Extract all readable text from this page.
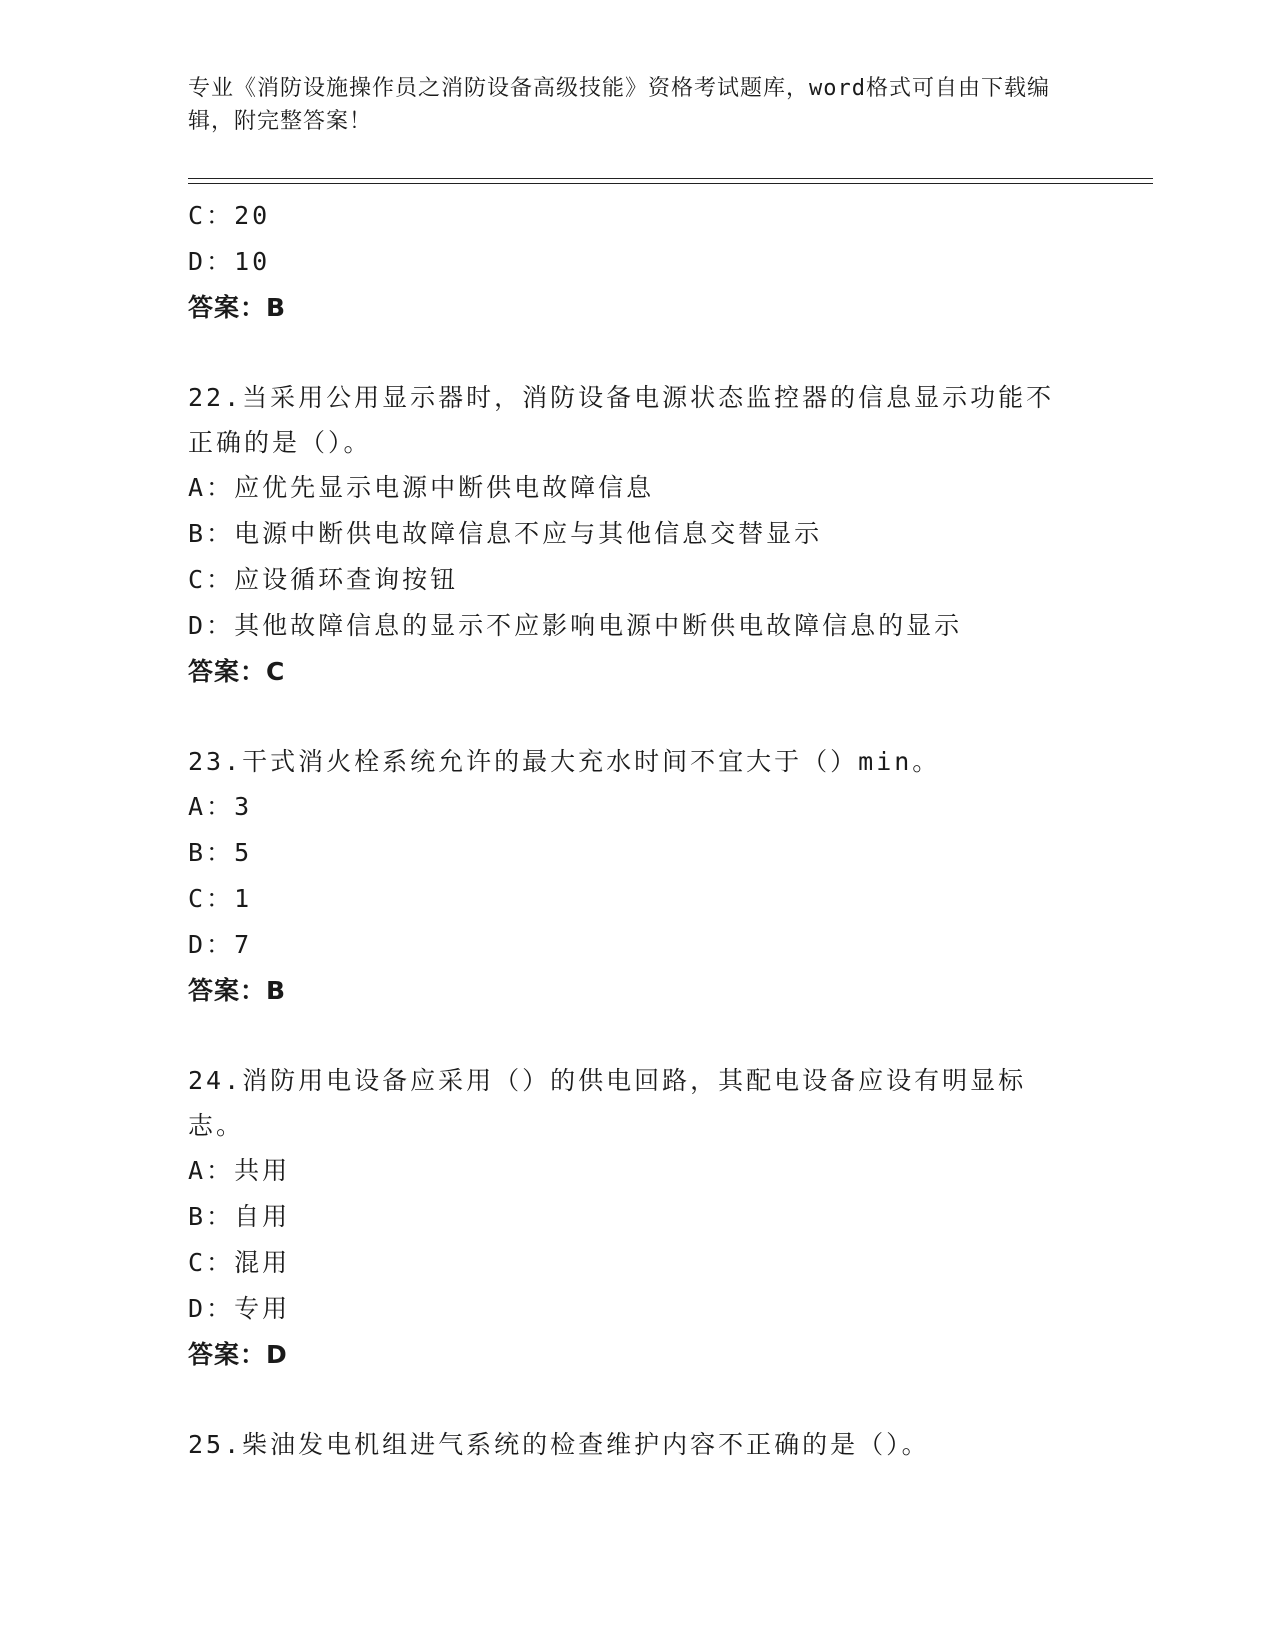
专业《消防设施操作员之消防设备高级技能》资格考试题库，word格式可自由下载编辑，附完整答案！
C：20
D：10
答案：B
22.当采用公用显示器时，消防设备电源状态监控器的信息显示功能不正确的是（）。
A：应优先显示电源中断供电故障信息
B：电源中断供电故障信息不应与其他信息交替显示
C：应设循环查询按钮
D：其他故障信息的显示不应影响电源中断供电故障信息的显示
答案：C
23.干式消火栓系统允许的最大充水时间不宜大于（）min。
A：3
B：5
C：1
D：7
答案：B
24.消防用电设备应采用（）的供电回路，其配电设备应设有明显标志。
A：共用
B：自用
C：混用
D：专用
答案：D
25.柴油发电机组进气系统的检查维护内容不正确的是（）。
